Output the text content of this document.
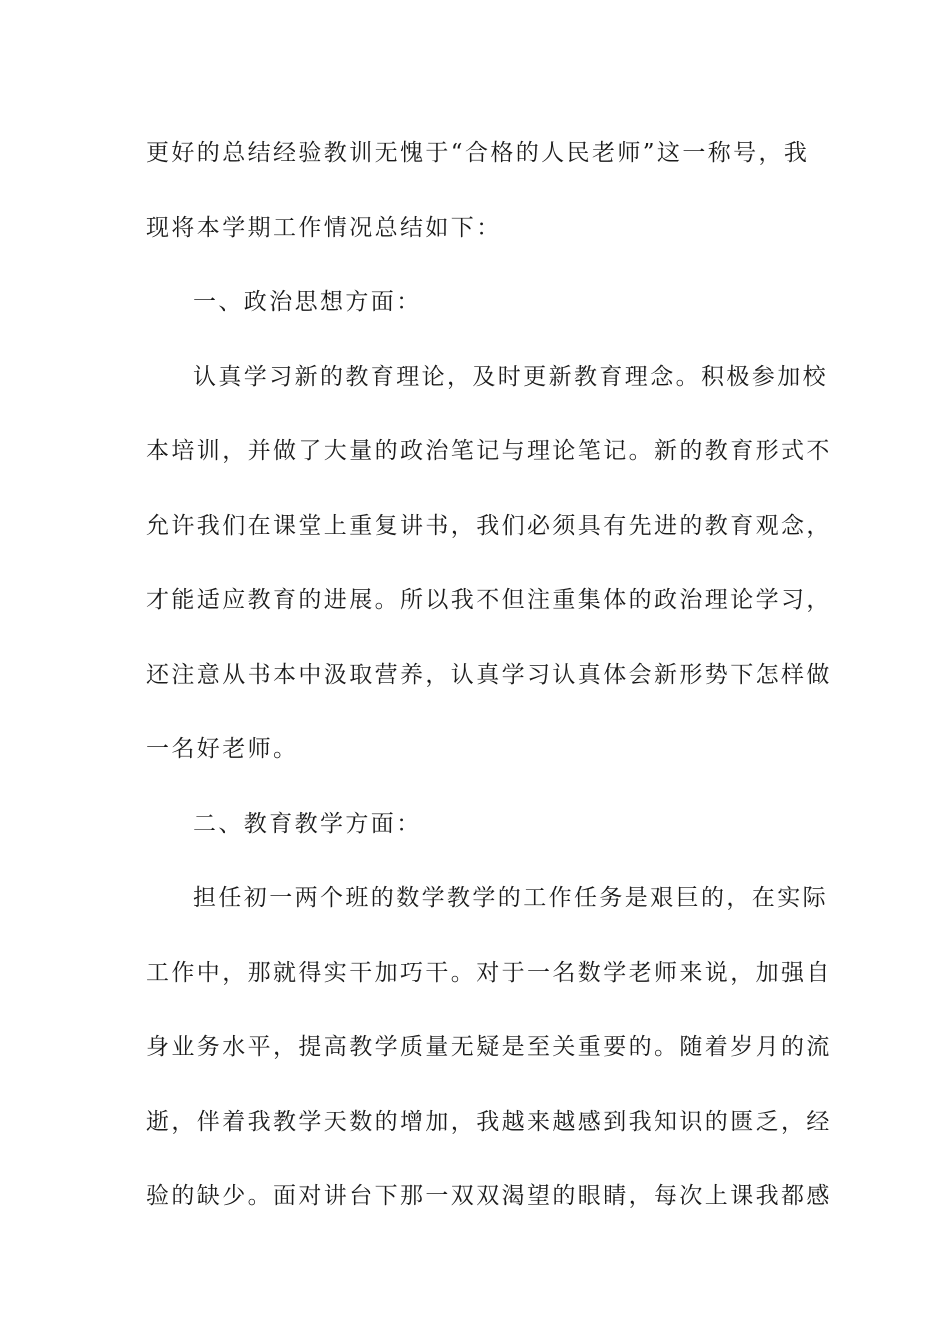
更好的总结经验教训无愧于“合格的人民老师”这一称号，我
现将本学期工作情况总结如下：
一、政治思想方面：
认真学习新的教育理论，及时更新教育理念。积极参加校
本培训，并做了大量的政治笔记与理论笔记。新的教育形式不
允许我们在课堂上重复讲书，我们必须具有先进的教育观念，
才能适应教育的进展。所以我不但注重集体的政治理论学习，
还注意从书本中汲取营养，认真学习认真体会新形势下怎样做
一名好老师。
二、教育教学方面：
担任初一两个班的数学教学的工作任务是艰巨的，在实际
工作中，那就得实干加巧干。对于一名数学老师来说，加强自
身业务水平，提高教学质量无疑是至关重要的。随着岁月的流
逝，伴着我教学天数的增加，我越来越感到我知识的匮乏，经
验的缺少。面对讲台下那一双双渴望的眼睛，每次上课我都感
